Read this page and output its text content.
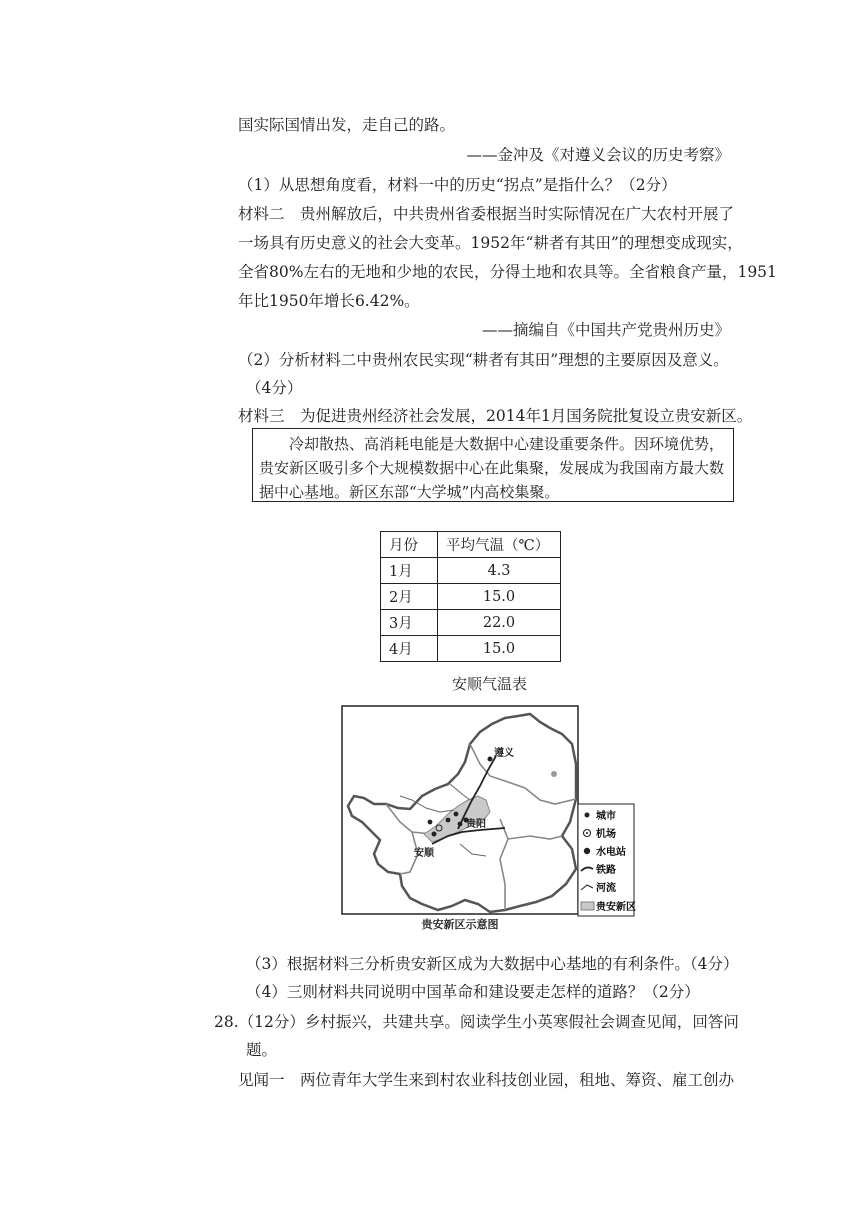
国实际国情出发，走自己的路。
——金冲及《对遵义会议的历史考察》
（1）从思想角度看，材料一中的历史“拐点”是指什么？（2分）
材料二　贵州解放后，中共贵州省委根据当时实际情况在广大农村开展了
一场具有历史意义的社会大变革。1952年“耕者有其田”的理想变成现实，
全省80%左右的无地和少地的农民，分得土地和农具等。全省粮食产量，1951
年比1950年增长6.42%。
——摘编自《中国共产党贵州历史》
（2）分析材料二中贵州农民实现“耕者有其田”理想的主要原因及意义。
（4分）
材料三　为促进贵州经济社会发展，2014年1月国务院批复设立贵安新区。
冷却散热、高消耗电能是大数据中心建设重要条件。因环境优势，
贵安新区吸引多个大规模数据中心在此集聚，发展成为我国南方最大数
据中心基地。新区东部“大学城”内高校集聚。
月份	平均气温（℃）
1月	4.3
2月	15.0
3月	22.0
4月	15.0
安顺气温表
遵义
贵阳
安顺
城市
机场
水电站
铁路
河流
贵安新区
贵安新区示意图
（3）根据材料三分析贵安新区成为大数据中心基地的有利条件。（4分）
（4）三则材料共同说明中国革命和建设要走怎样的道路？（2分）
28.（12分）乡村振兴，共建共享。阅读学生小英寒假社会调查见闻，回答问
题。
见闻一　两位青年大学生来到村农业科技创业园，租地、筹资、雇工创办
